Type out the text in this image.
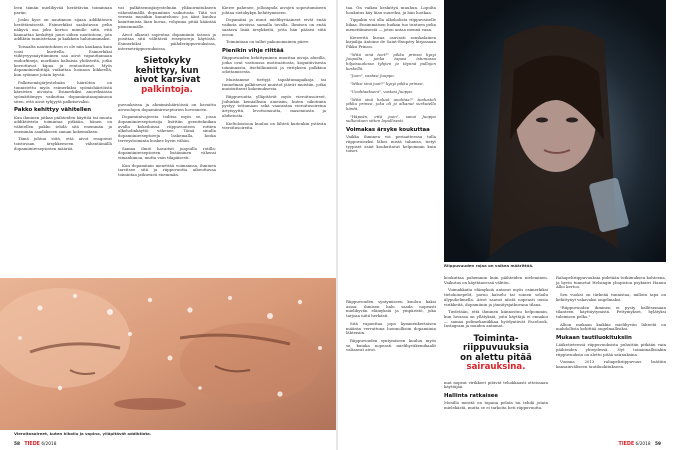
leen tämän mielihyvää herättävän toiminnan pariin.

Josku kyse on nautinnon sijaan addiktiosen herättämisestä. Esimerkiksi saalistavan pelin näkyvä osa joku kertoo minulle siitä, että kannattaa keskittyä juuri siihen nautintoon, jota addiktin tunnistetaan ja kaikkein halutuimmaksi.

Toisaalta nautintoksen ei ole niin kaukana kuin voisi kuvitella. Esimerkiksi viihtyvyysnäyttäminen saa aivot vapauttamaan endorfiineja, morfiinin kaltaisia yhdisteitä, jotka kerrottavat kipua ja rentouttavat. Myös dopamiinivälittäjä vaikuttaa luonnon liikkeellä, kun syömme jotain hyvää.

Palkitsemisjärjestelmän häiriötön on tunnistettu myös esimerkiksi syömishäiriöistä kärsivien aivoista. Esimerkiksi anoreksiassa syömättömyys vaikuttaa dopamiinitasapainoon siten, että aivot tyhjyytä palkitsevaksi.

Pakko kehittyy vähitellen

Kun ihminen jatkaa päihteiden käyttöä tai muuta addiktiivista toimintaa pitkään, hänen on vähitellen pakko tehdä sitä enemmän ja enemmän saadakseen saman kokemuksen.

Tämä johtuu siitä, että aivot reagoivat toistuvaan ärsykkeeseen vähentämällä dopamiinireseptorien määrää.

vat palkitsemisjärjestelmän ylikuormitukseen vähentämällä dopamiinin vaikutusta. Tätä voi verrata musiikin kuunteluun: jos äänt kuuluu kaiuttimista liian kovaa, vohymna pitää kääntää pienemmälle.

Aivot alkavat sopeutua dopamiinin tasoon ja posittaa sitä välittäviä reseptoreja käytöstä. Esimerkiksi päihderiippuvuuksissa, internetriippuvuuksissa.

Sietokyky
kehittyy, kun
aivot karsivat
palkintoja.

puvuuksissa ja ahmimishäiriöissä on havaittu aivosolujen dopamiinireseptorien hovenneen.

Dopamiinivajeesta toditsa myös se, jossa dopamiinireseptorisija lisättiin geeniteknikan avulla kokeiluissa riippuvuuteen rottien alkoholinkäyttö vähenee. Tämä sinulla dopamiinireseptoreja laskemalla, koska terveystoiminta koskee hyvin vähän.

Samaa ilmiö havaitsit juopoilla rotilla: dopamiinireseptorien lisääminen vähensi viinanhimoa, mutta vain tilapäisesti.

Kun dopamiinin menettää voimaansa, ihminen tarvitsee sitä ja riippuvuutta aiheuttavaa toimintaa jatkuvasti enemmän.

Kierre pahenee, jolloinpula aivojen sopeutumiseen johtaa sietokykyn kehittymiseen.

Dopamiini ja muut mielihyväaineet eivät enää vaikuta aivoissa samalla tavalla. Ihmisen on enää saatava lisää ärsykkeitä, jotta hän pääsisi siitä eroon.

Toimintaan on tullut pakonomainen piirre.

Pienikin vihje riittää

Riippuvuuden kehittyminen muuttaa aivoja alueilla, jotka ovat vastuussa motivaatiosta, kognitiivisesta toiminnasta, itsehillinnästä ja virityksen palkkion odottamisesta.

Muistamme tiettyjä tapahtumapaikoja tai tunnelman palkitsevat muistot jäävät muistiin, jotka muistuttavat kokemuksesta.

Riippuvuutta ylläpitävät myös vieroitusoireet. Joihinkin kemiallisiin aineisiin, kuten nikotiinin pystyy tottumaan sekä vaarantaa vieroitusoireina ärtyisyyttä, levottomuutta, masennusta ja ahdistusta.

Kieltoloistoon kuuluu on lähteä kuitenkin ystävän vieroitusoireita.

Vieroitusoireet, kuten hikoilu ja vapina, ylläpitävät addiktiota.
58 TIEDE 6/2018

taa. On vaikea keskittyä muuhun. Lopulta houkutus käy liian suureksi, ja hän luotkaa.

Tippakin voi olla alkoholista riippuvaiselle liikaa. Ensimmäisen huikan tuo tuntuen pelin menettämisestä — joten antaa mennä vaan.

Kierrettä kuvaa osuvasti ranskalainen kirjailija Antoine de Saint-Exupéry kirjassaan Pikku Prinssi.

"Mitä sinä teet?" pikku prinssi kysyi Juopolta, jonka tapasi istumassa hiljaisuudessa tyhjien ja täynnä pullojen keskellä.

"Juon", vastasi Juoppo.

"Miksi sinä juot?" kysyi pikku prinssi.

"Unohtaakseni", vastasi Juoppo.

"Mitä sinä haluat unohtaa?" tiedusteli pikku prinssi, joka oli jo alkanut surkutella häntä.

"Häpeän, että juon", sanoi Juoppo sulkeutuen sitten lopullisesti.

Voimakas ärsyke koukuttaa

Vaikka ihminen voi periaatteessa tulla riippuvaiseksi lähes mistä tahansa, tietyt tyypiset asiat koukuttavat helpommin kuin toiset.

Riippuvuuden syntymiseen kuuluu kaksi asiaa: ihmisen halu saada nopeasti mielihyvän elämyksiä ja ympäristö, joka tarjoaa niitä herkästi.

Sitä vapauttaa jopa kymmenkertaisen määrän verrattuna luonnollisiin dopamiinin lähteisiin.

Riippuvuuden syntymiseen kuuluu myös se, kuinka nopeasti mielihyväkemikaalit valtaavat aivot.

Riippuvuuden rajaa on vaikea määrittää.

koukuttaa pahemmin kuin päihteiden nieleminen. Vaikutus on käyttäneessä välitön.

Voimakkaita elämyksiä antavat myös esimerkiksi tietokonepelit, porno katselu tai somen selailu älypuhelimella. Aivot saavat niistä nopeasti uusia virikkeitä, dopamiinin ja jännitysjatkuvana tilana.

Tiedetään, että ihminen kiinnostuu helpommin, kun luvassa on yllätyksiä, joita käyttäjä ei ennakoi — samaa pelimekaniikkaa hyödyntävät Facebook, Instagram ja muiden antamat.

Toiminta-
riippuvuuksia
on alettu pitää
sairauksina.

mat nopeat virikkeet pitävät tehokkaasti otteissaan käyttäjää.

Hallinta ratkaisee

Monilla meistä on tapana pelata tai tehdä jotain mielekästä, mutta se ei tarkoita heti riippuvuutta.

Rahapeliriippuvuuksia pidetään tutkimuksen kohteena, ja hyvin tunnetut Helsingin yliopiston psykiatri Hannu Alho kertoo.

Sen vuoksi on tärkeää tunnistaa, milloin tapa on kehittynyt vakavaksi ongelmaksi.

"Riippuvuuden ihminen ei pysty hallitsemaan tilanteen käyttäytymistä. Pettymykset, hylätyksi tulemisen pelko."

Alhon mukaan kaikkia mielihyvän lähteitä on mahdollista kehittää ongelmallisiksi.

Mukaan tautiluokituksiin

Lääketieteessä riippuvuuksista puhuttiin pitkään vain päihteiden yhteydessä. Nyt toiminnallisiakin riippuvuuksia on alettu pitää sairauksina.

Vuonna 2013 rahapeliriippuvuus lisättiin kansainväliseen tautiluokitukseen.

TIEDE 6/2018 59
